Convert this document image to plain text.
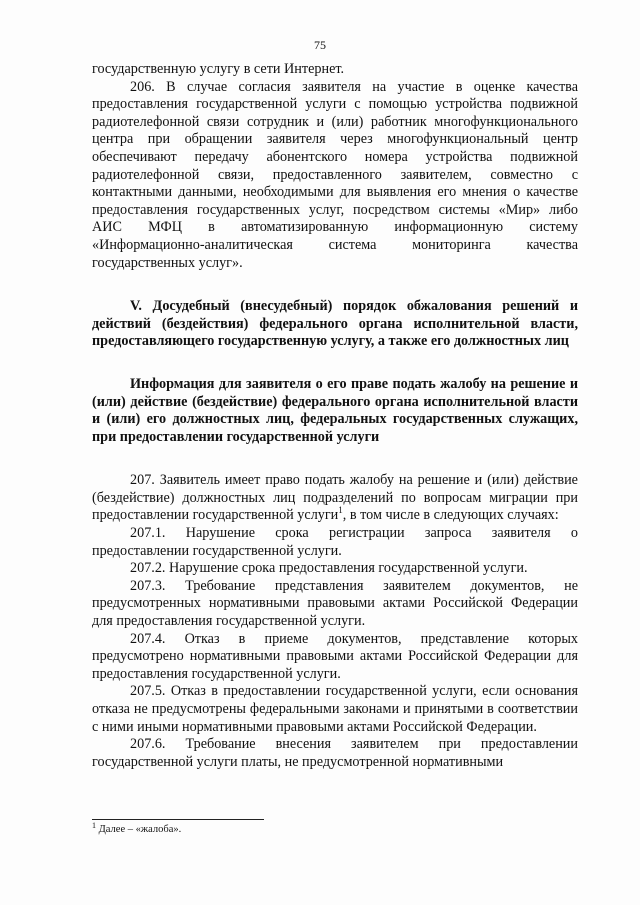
75

государственную услугу в сети Интернет.

206. В случае согласия заявителя на участие в оценке качества предоставления государственной услуги с помощью устройства подвижной радиотелефонной связи сотрудник и (или) работник многофункционального центра при обращении заявителя через многофункциональный центр обеспечивают передачу абонентского номера устройства подвижной радиотелефонной связи, предоставленного заявителем, совместно с контактными данными, необходимыми для выявления его мнения о качестве предоставления государственных услуг, посредством системы «Мир» либо АИС МФЦ в автоматизированную информационную систему «Информационно-аналитическая система мониторинга качества государственных услуг».

V. Досудебный (внесудебный) порядок обжалования решений и действий (бездействия) федерального органа исполнительной власти, предоставляющего государственную услугу, а также его должностных лиц

Информация для заявителя о его праве подать жалобу на решение и (или) действие (бездействие) федерального органа исполнительной власти и (или) его должностных лиц, федеральных государственных служащих, при предоставлении государственной услуги

207. Заявитель имеет право подать жалобу на решение и (или) действие (бездействие) должностных лиц подразделений по вопросам миграции при предоставлении государственной услуги$^1$, в том числе в следующих случаях:

207.1. Нарушение срока регистрации запроса заявителя о предоставлении государственной услуги.

207.2. Нарушение срока предоставления государственной услуги.

207.3. Требование представления заявителем документов, не предусмотренных нормативными правовыми актами Российской Федерации для предоставления государственной услуги.

207.4. Отказ в приеме документов, представление которых предусмотрено нормативными правовыми актами Российской Федерации для предоставления государственной услуги.

207.5. Отказ в предоставлении государственной услуги, если основания отказа не предусмотрены федеральными законами и принятыми в соответствии с ними иными нормативными правовыми актами Российской Федерации.

207.6. Требование внесения заявителем при предоставлении государственной услуги платы, не предусмотренной нормативными

$^1$ Далее – «жалоба».
